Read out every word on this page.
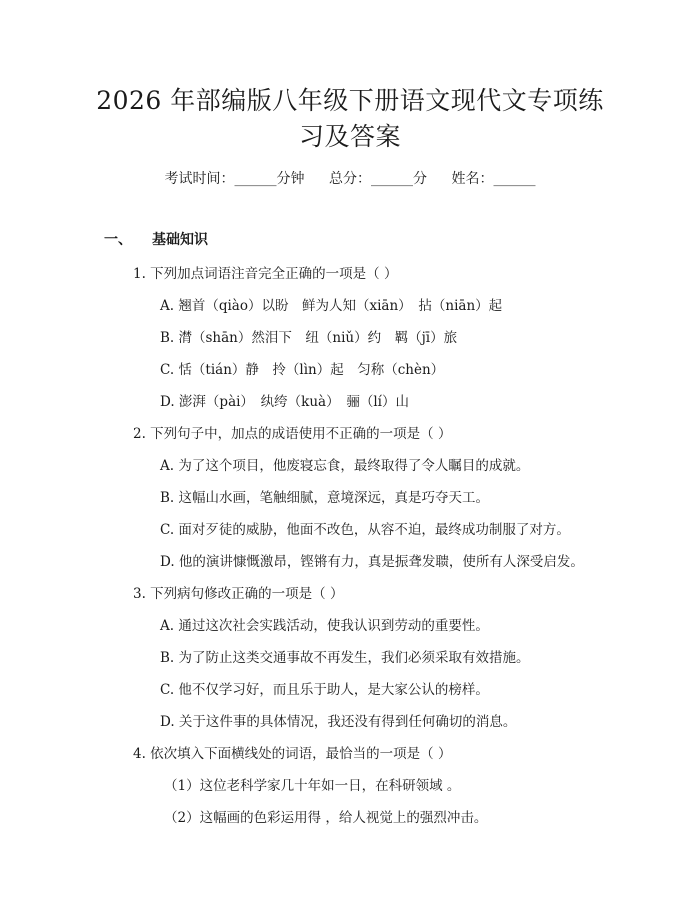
2026 年部编版八年级下册语文现代文专项练
习及答案
考试时间：______分钟 总分：______分 姓名：______
一、 基础知识
1. 下列加点词语注音完全正确的一项是（ ）
A. 翘首（qiào）以盼　鲜为人知（xiān）　拈（niān）起
B. 潸（shān）然泪下　纽（niǔ）约　羁（jī）旅
C. 恬（tián）静　拎（lìn）起　匀称（chèn）
D. 澎湃（pài）　纨绔（kuà）　骊（lí）山
2. 下列句子中，加点的成语使用不正确的一项是（ ）
A. 为了这个项目，他废寝忘食，最终取得了令人瞩目的成就。
B. 这幅山水画，笔触细腻，意境深远，真是巧夺天工。
C. 面对歹徒的威胁，他面不改色，从容不迫，最终成功制服了对方。
D. 他的演讲慷慨激昂，铿锵有力，真是振聋发聩，使所有人深受启发。
3. 下列病句修改正确的一项是（ ）
A. 通过这次社会实践活动，使我认识到劳动的重要性。
B. 为了防止这类交通事故不再发生，我们必须采取有效措施。
C. 他不仅学习好，而且乐于助人，是大家公认的榜样。
D. 关于这件事的具体情况，我还没有得到任何确切的消息。
4. 依次填入下面横线处的词语，最恰当的一项是（ ）
（1）这位老科学家几十年如一日，在科研领域 。
（2）这幅画的色彩运用得 ，给人视觉上的强烈冲击。
